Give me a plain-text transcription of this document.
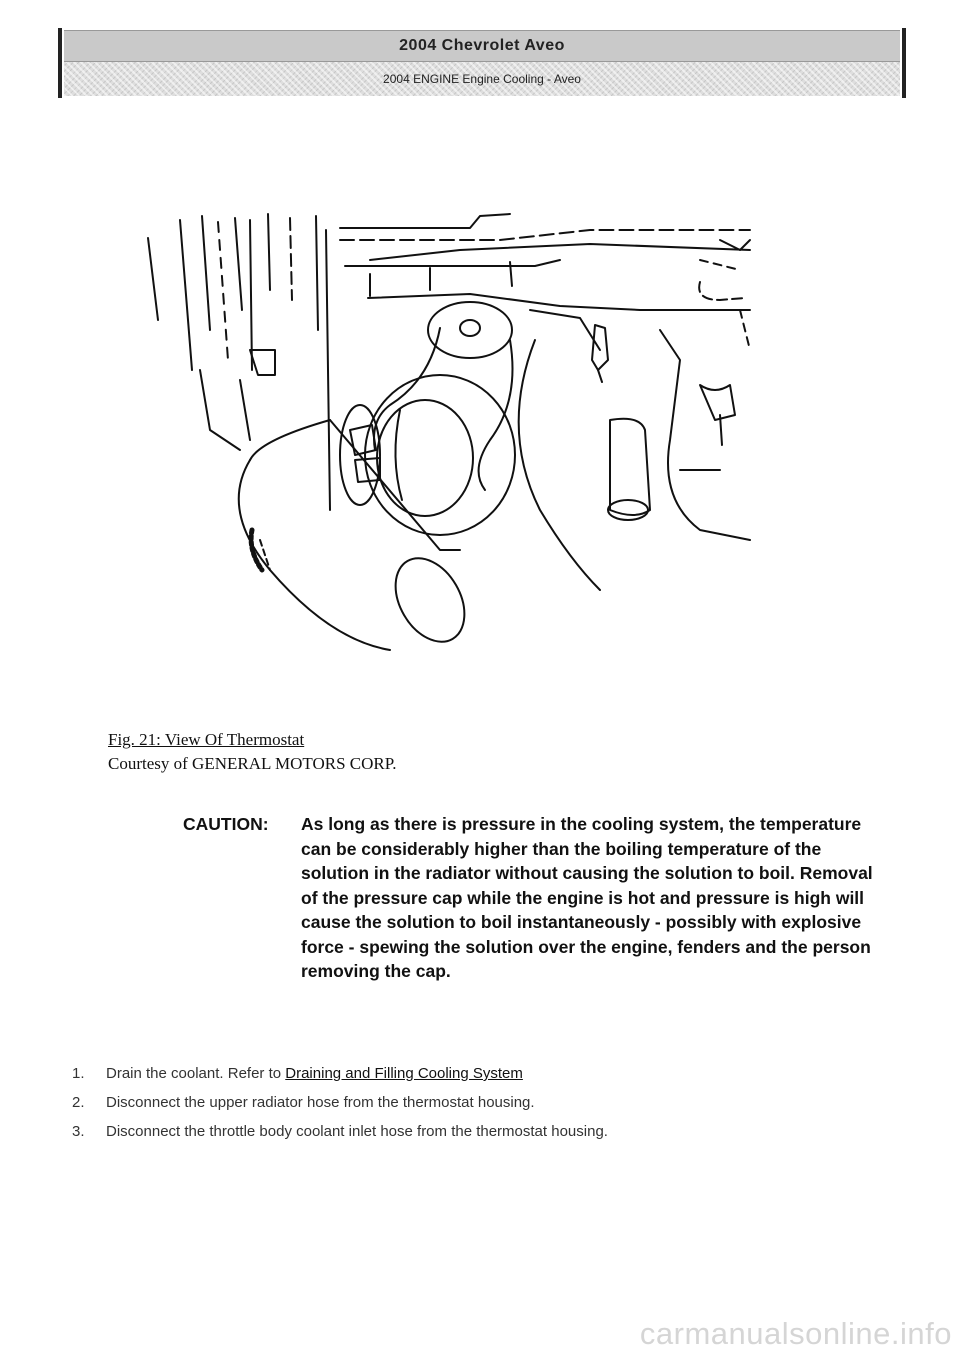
2004 Chevrolet Aveo
2004 ENGINE Engine Cooling - Aveo
Fig. 21: View Of Thermostat
Courtesy of GENERAL MOTORS CORP.
CAUTION: As long as there is pressure in the cooling system, the temperature can be considerably higher than the boiling temperature of the solution in the radiator without causing the solution to boil. Removal of the pressure cap while the engine is hot and pressure is high will cause the solution to boil instantaneously - possibly with explosive force - spewing the solution over the engine, fenders and the person removing the cap.
1. Drain the coolant. Refer to Draining and Filling Cooling System
2. Disconnect the upper radiator hose from the thermostat housing.
3. Disconnect the throttle body coolant inlet hose from the thermostat housing.
carmanualsonline.info
